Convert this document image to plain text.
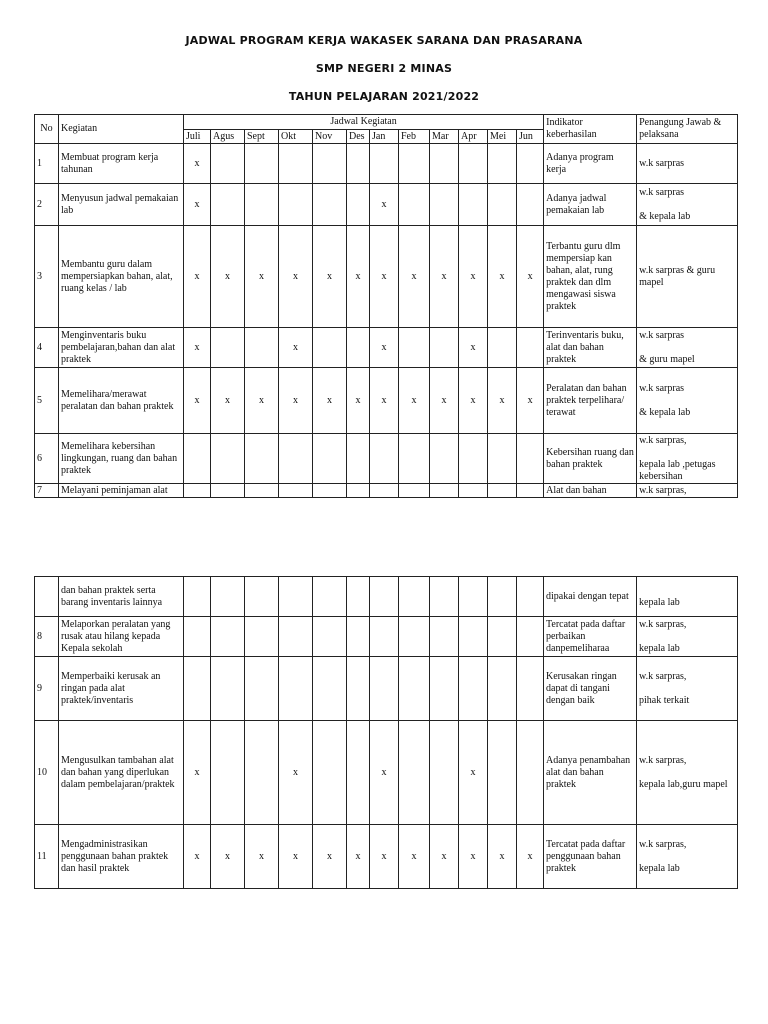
JADWAL PROGRAM KERJA WAKASEK SARANA DAN PRASARANA
SMP NEGERI 2 MINAS
TAHUN PELAJARAN 2021/2022
No	Kegiatan	Jadwal Kegiatan												Indikator keberhasilan	Penangung Jawab & pelaksana
		Juli	Agus	Sept	Okt	Nov	Des	Jan	Feb	Mar	Apr	Mei	Jun		
1	Membuat program kerja tahunan	x												Adanya program kerja	w.k sarpras
2	Menyusun jadwal pemakaian lab	x						x						Adanya jadwal pemakaian lab	w.k sarpras

& kepala lab
3	Membantu guru dalam mempersiapkan bahan, alat, ruang kelas / lab	x	x	x	x	x	x	x	x	x	x	x	x	Terbantu guru dlm mempersiap kan bahan, alat, rung praktek dan dlm mengawasi siswa praktek	w.k sarpras & guru mapel
4	Menginventaris buku pembelajaran,bahan dan alat praktek	x			x			x			x			Terinventaris buku, alat dan bahan praktek	w.k sarpras

& guru mapel
5	Memelihara/merawat peralatan dan bahan praktek	x	x	x	x	x	x	x	x	x	x	x	x	Peralatan dan bahan praktek terpelihara/ terawat	w.k sarpras

& kepala lab
6	Memelihara kebersihan lingkungan, ruang dan bahan praktek													Kebersihan ruang dan bahan praktek	w.k sarpras,

kepala lab ,petugas kebersihan
7	Melayani peminjaman alat													Alat dan bahan	w.k sarpras,
	dan bahan praktek serta barang inventaris lainnya													dipakai dengan tepat	
kepala lab
8	Melaporkan peralatan yang rusak atau hilang kepada Kepala sekolah													Tercatat pada daftar perbaikan danpemeliharaa	w.k sarpras,

kepala lab
9	Memperbaiki kerusak an ringan pada alat praktek/inventaris													Kerusakan ringan dapat di tangani dengan baik	w.k sarpras,

pihak terkait
10	Mengusulkan tambahan alat dan bahan yang diperlukan dalam pembelajaran/praktek	x			x			x			x			Adanya penambahan alat dan bahan praktek	w.k sarpras,

kepala lab,guru mapel
11	Mengadministrasikan penggunaan bahan praktek dan hasil praktek	x	x	x	x	x	x	x	x	x	x	x	x	Tercatat pada daftar penggunaan bahan praktek	w.k sarpras,

kepala lab
